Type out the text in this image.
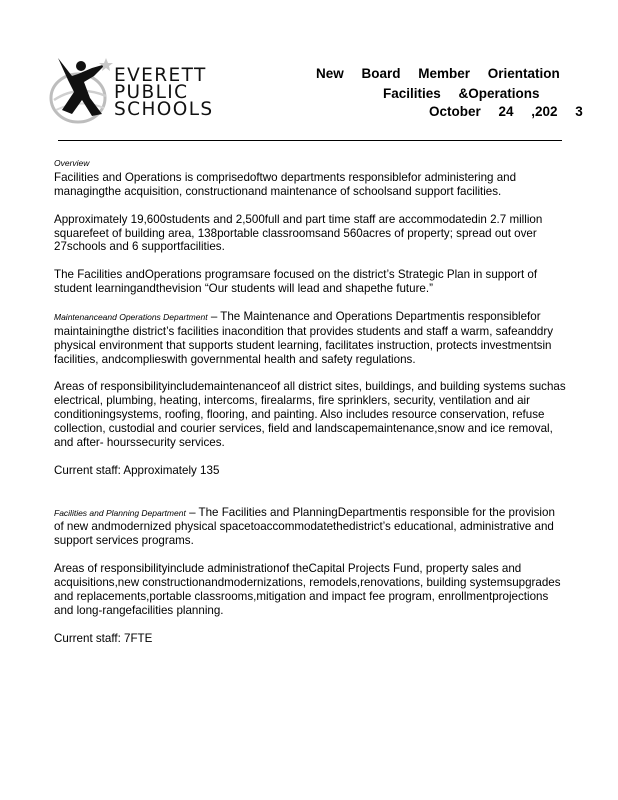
EVERETT
PUBLIC
SCHOOLS
New Board Member Orientation
Facilities &Operations
October 24 ,202 3
Overview

Facilities and Operations is comprisedoftwo departments responsiblefor administering and managingthe acquisition, constructionand maintenance of schoolsand support facilities.

Approximately 19,600students and 2,500full and part time staff are accommodatedin 2.7 million squarefeet of building area, 138portable classroomsand 560acres of property; spread out over 27schools and 6 supportfacilities.

The Facilities andOperations programsare focused on the district’s Strategic Plan in support of student learningandthevision “Our students will lead and shapethe future.”

Maintenanceand Operations Department – The Maintenance and Operations Departmentis responsiblefor maintainingthe district’s facilities inacondition that provides students and staff a warm, safeanddry physical environment that supports student learning, facilitates instruction, protects investmentsin facilities, andcomplieswith governmental health and safety regulations.

Areas of responsibilityincludemaintenanceof all district sites, buildings, and building systems suchas electrical, plumbing, heating, intercoms, firealarms, fire sprinklers, security, ventilation and air conditioningsystems, roofing, flooring, and painting. Also includes resource conservation, refuse collection, custodial and courier services, field and landscapemaintenance,snow and ice removal, and after- hourssecurity services.

Current staff: Approximately 135

Facilities and Planning Department – The Facilities and PlanningDepartmentis responsible for the provision of new andmodernized physical spacetoaccommodatethedistrict’s educational, administrative and support services programs.

Areas of responsibilityinclude administrationof theCapital Projects Fund, property sales and acquisitions,new constructionandmodernizations, remodels,renovations, building systemsupgrades and replacements,portable classrooms,mitigation and impact fee program, enrollmentprojections and long-rangefacilities planning.

Current staff: 7FTE
